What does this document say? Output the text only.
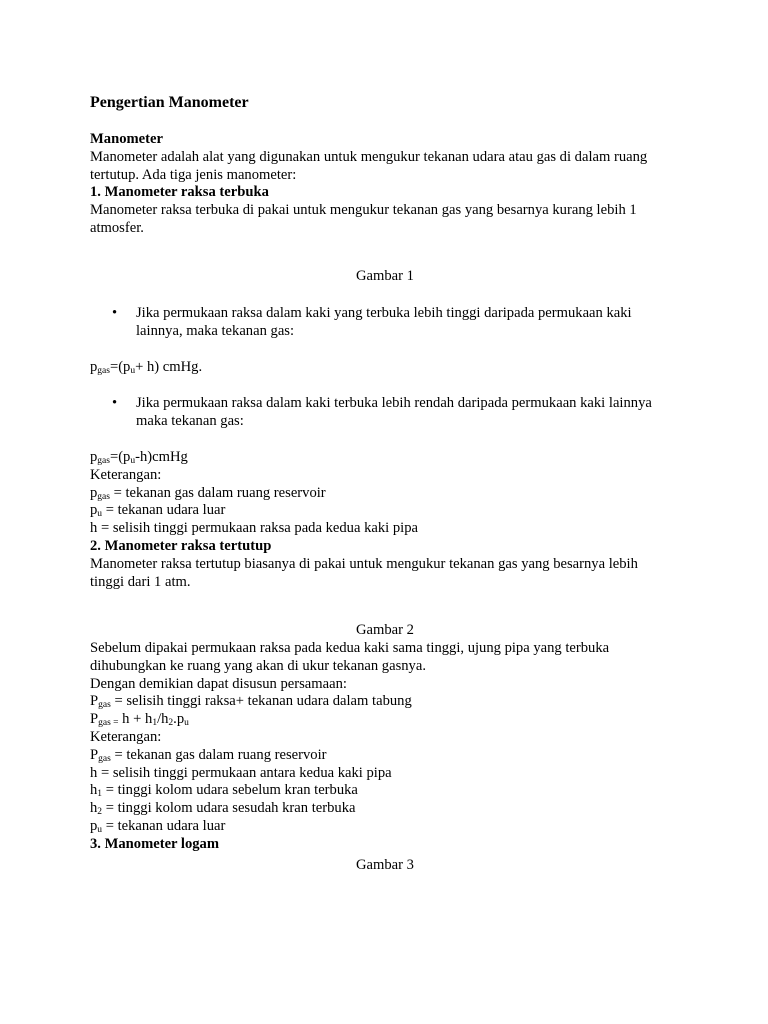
Pengertian Manometer
Manometer
Manometer adalah alat yang digunakan untuk mengukur tekanan udara atau gas di dalam ruang
tertutup. Ada tiga jenis manometer:
1. Manometer raksa terbuka
Manometer raksa terbuka di pakai untuk mengukur tekanan gas yang besarnya kurang lebih 1
atmosfer.
Gambar 1
• Jika permukaan raksa dalam kaki yang terbuka lebih tinggi daripada permukaan kaki
lainnya, maka tekanan gas:
$p_{gas}=(p_u+ h)$ cmHg.
• Jika permukaan raksa dalam kaki terbuka lebih rendah daripada permukaan kaki lainnya
maka tekanan gas:
$p_{gas}=(p_u-h)cmHg$
Keterangan:
$p_{gas}$ = tekanan gas dalam ruang reservoir
$p_u$ = tekanan udara luar
h = selisih tinggi permukaan raksa pada kedua kaki pipa
2. Manometer raksa tertutup
Manometer raksa tertutup biasanya di pakai untuk mengukur tekanan gas yang besarnya lebih
tinggi dari 1 atm.
Gambar 2
Sebelum dipakai permukaan raksa pada kedua kaki sama tinggi, ujung pipa yang terbuka
dihubungkan ke ruang yang akan di ukur tekanan gasnya.
Dengan demikian dapat disusun persamaan:
$P_{gas}$ = selisih tinggi raksa+ tekanan udara dalam tabung
$P_{gas =}$ $h + h_1/h_2.p_u$
Keterangan:
$P_{gas}$ = tekanan gas dalam ruang reservoir
h = selisih tinggi permukaan antara kedua kaki pipa
$h_1$ = tinggi kolom udara sebelum kran terbuka
$h_2$ = tinggi kolom udara sesudah kran terbuka
$p_u$ = tekanan udara luar
3. Manometer logam
Gambar 3
